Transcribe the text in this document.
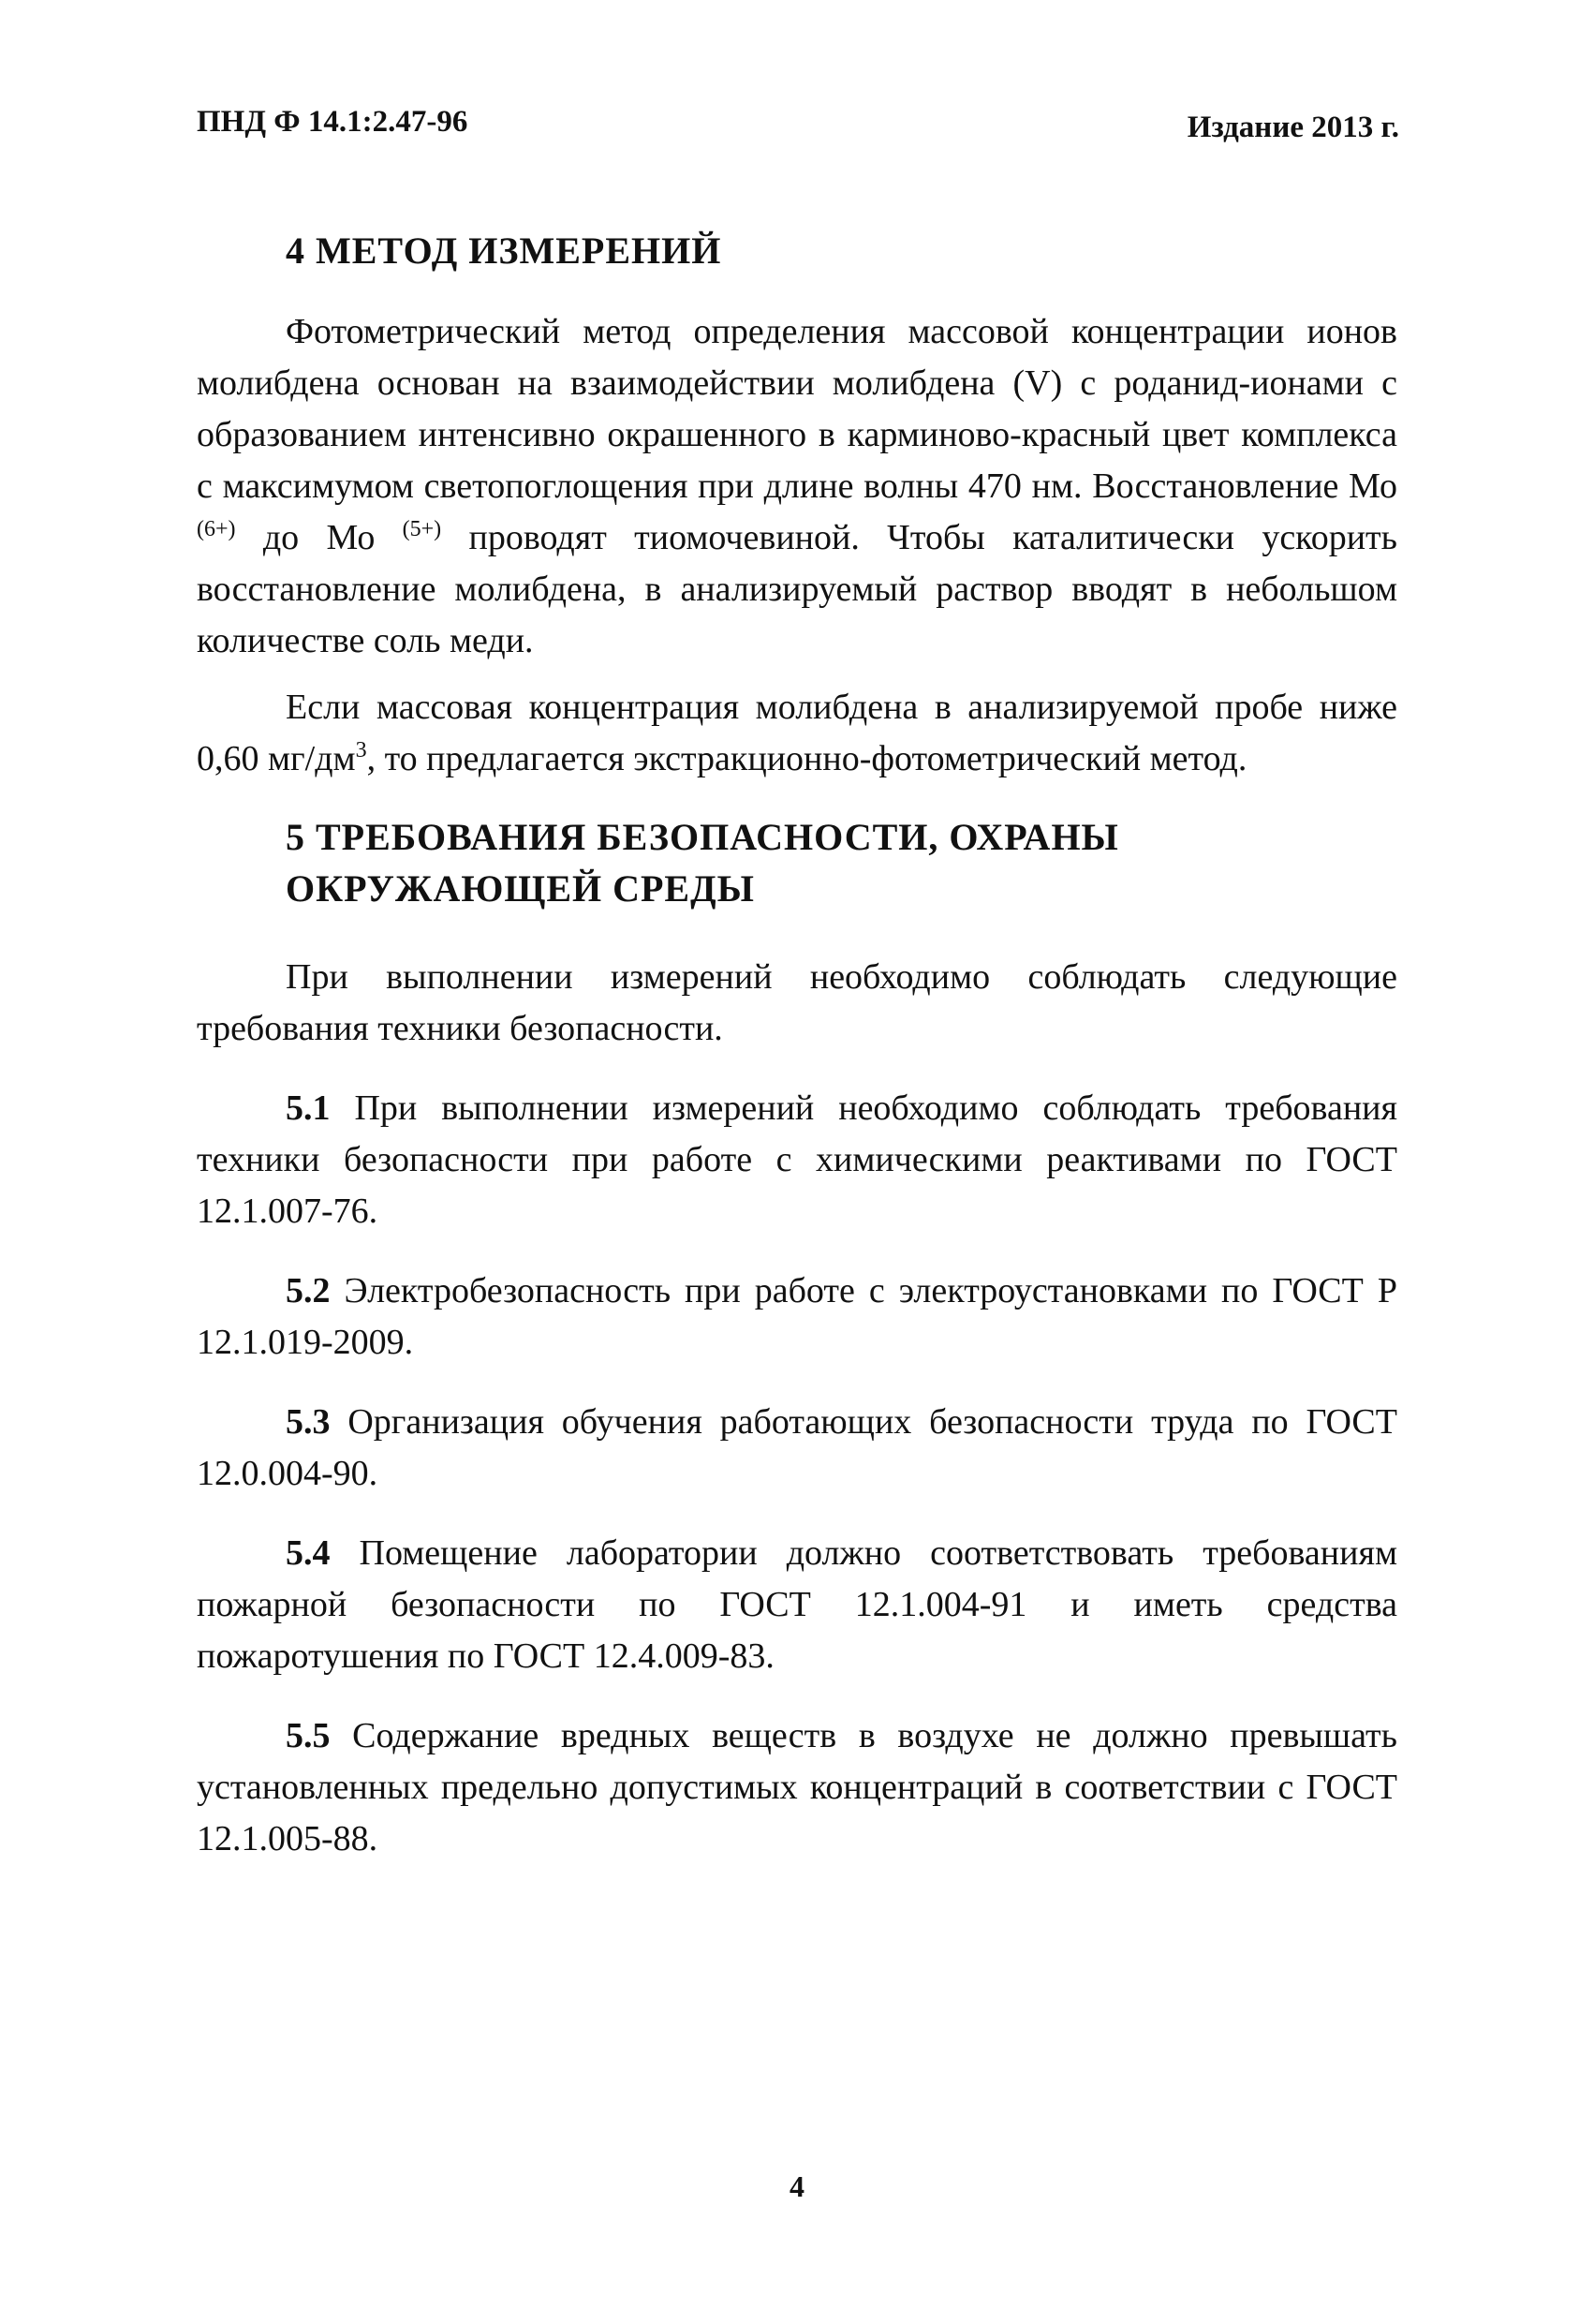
ПНД Ф 14.1:2.47-96	Издание 2013 г.
4 МЕТОД ИЗМЕРЕНИЙ

Фотометрический метод определения массовой концентрации ионов молибдена основан на взаимодействии молибдена (V) с роданид-ионами с образованием интенсивно окрашенного в карминово-красный цвет комплекса с максимумом светопоглощения при длине волны 470 нм. Восстановление Мо $^{(6+)}$ до Мо $^{(5+)}$ проводят тиомочевиной. Чтобы каталитически ускорить восстановление молибдена, в анализируемый раствор вводят в небольшом количестве соль меди.

Если массовая концентрация молибдена в анализируемой пробе ниже 0,60 $мг/дм^3$, то предлагается экстракционно-фотометрический метод.

5 ТРЕБОВАНИЯ БЕЗОПАСНОСТИ, ОХРАНЫ
ОКРУЖАЮЩЕЙ СРЕДЫ

При выполнении измерений необходимо соблюдать следующие требования техники безопасности.

5.1 При выполнении измерений необходимо соблюдать требования техники безопасности при работе с химическими реактивами по ГОСТ 12.1.007-76.

5.2 Электробезопасность при работе с электроустановками по ГОСТ Р 12.1.019-2009.

5.3 Организация обучения работающих безопасности труда по ГОСТ 12.0.004-90.

5.4 Помещение лаборатории должно соответствовать требованиям пожарной безопасности по ГОСТ 12.1.004-91 и иметь средства пожаротушения по ГОСТ 12.4.009-83.

5.5 Содержание вредных веществ в воздухе не должно превышать установленных предельно допустимых концентраций в соответствии с ГОСТ 12.1.005-88.

4
